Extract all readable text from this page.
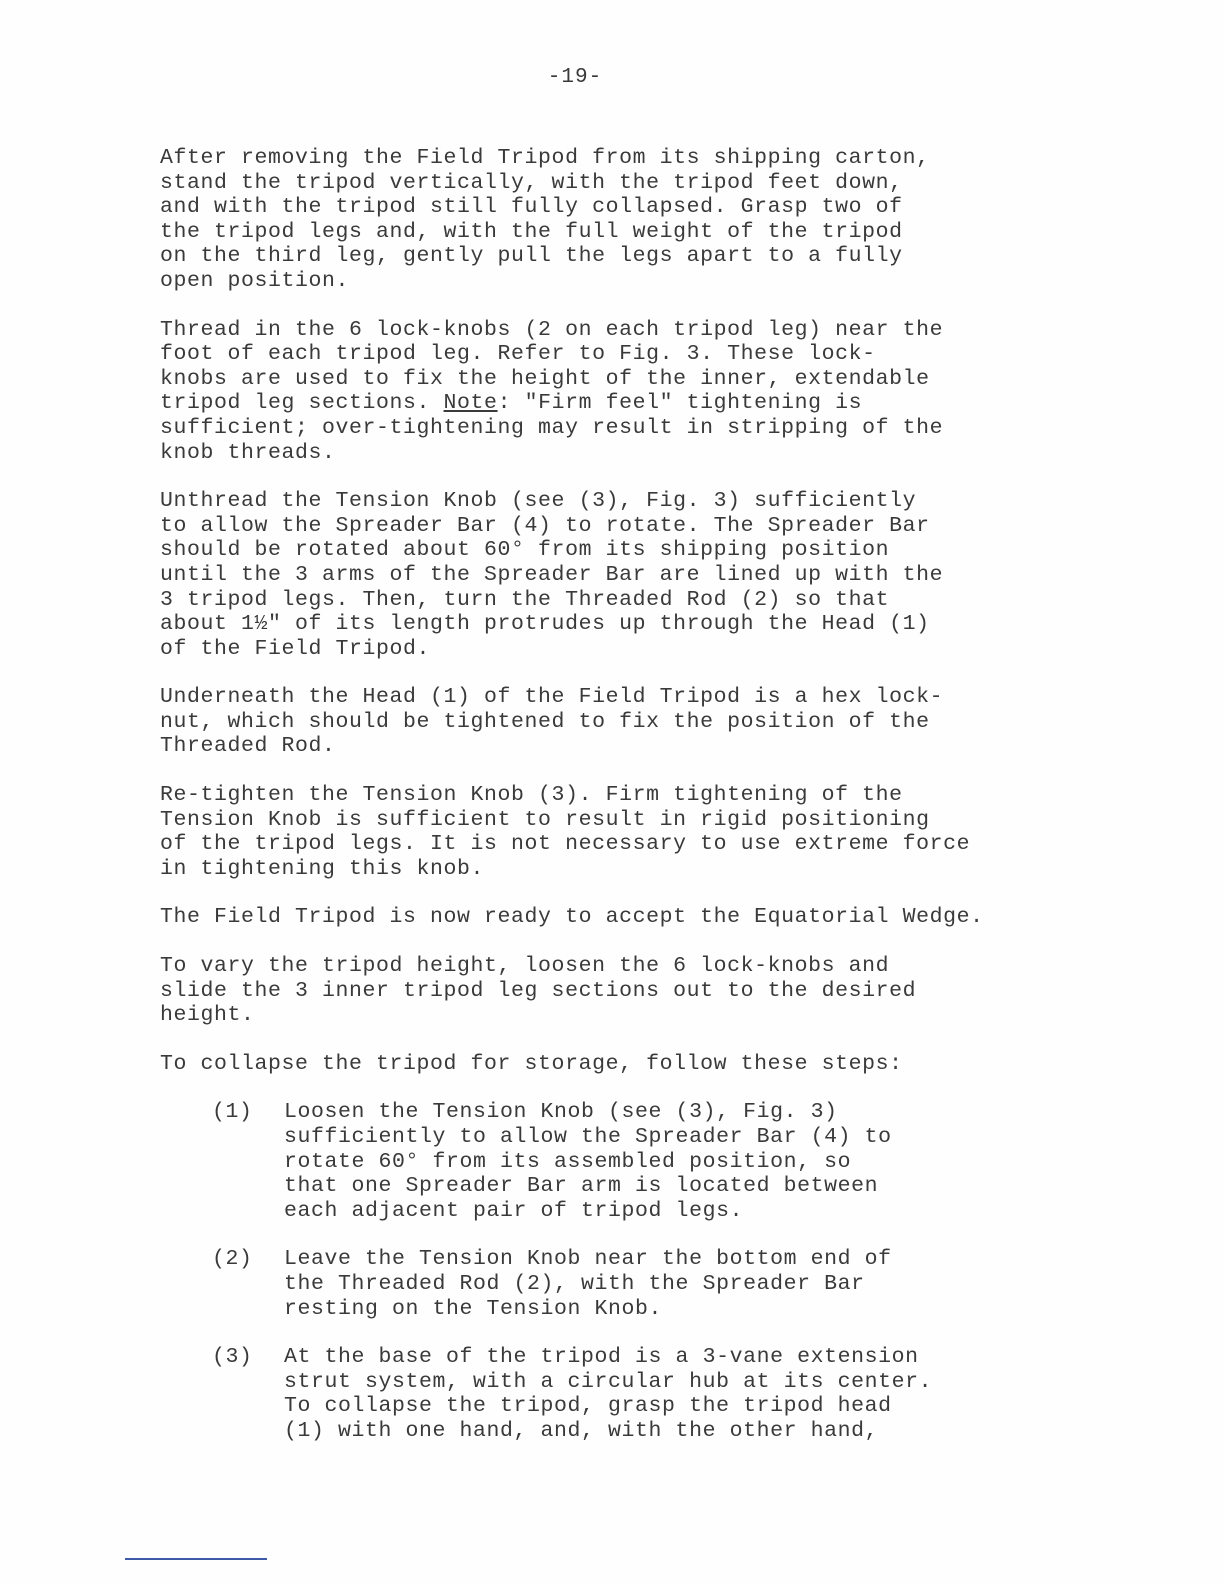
-19-

After removing the Field Tripod from its shipping carton,
stand the tripod vertically, with the tripod feet down,
and with the tripod still fully collapsed. Grasp two of
the tripod legs and, with the full weight of the tripod
on the third leg, gently pull the legs apart to a fully
open position.

Thread in the 6 lock-knobs (2 on each tripod leg) near the
foot of each tripod leg. Refer to Fig. 3. These lock-
knobs are used to fix the height of the inner, extendable
tripod leg sections. Note: "Firm feel" tightening is
sufficient; over-tightening may result in stripping of the
knob threads.

Unthread the Tension Knob (see (3), Fig. 3) sufficiently
to allow the Spreader Bar (4) to rotate. The Spreader Bar
should be rotated about 60° from its shipping position
until the 3 arms of the Spreader Bar are lined up with the
3 tripod legs. Then, turn the Threaded Rod (2) so that
about 1½" of its length protrudes up through the Head (1)
of the Field Tripod.

Underneath the Head (1) of the Field Tripod is a hex lock-
nut, which should be tightened to fix the position of the
Threaded Rod.

Re-tighten the Tension Knob (3). Firm tightening of the
Tension Knob is sufficient to result in rigid positioning
of the tripod legs. It is not necessary to use extreme force
in tightening this knob.

The Field Tripod is now ready to accept the Equatorial Wedge.

To vary the tripod height, loosen the 6 lock-knobs and
slide the 3 inner tripod leg sections out to the desired
height.

To collapse the tripod for storage, follow these steps:

(1)	Loosen the Tension Knob (see (3), Fig. 3)
sufficiently to allow the Spreader Bar (4) to
rotate 60° from its assembled position, so
that one Spreader Bar arm is located between
each adjacent pair of tripod legs.
(2)	Leave the Tension Knob near the bottom end of
the Threaded Rod (2), with the Spreader Bar
resting on the Tension Knob.
(3)	At the base of the tripod is a 3-vane extension
strut system, with a circular hub at its center.
To collapse the tripod, grasp the tripod head
(1) with one hand, and, with the other hand,
